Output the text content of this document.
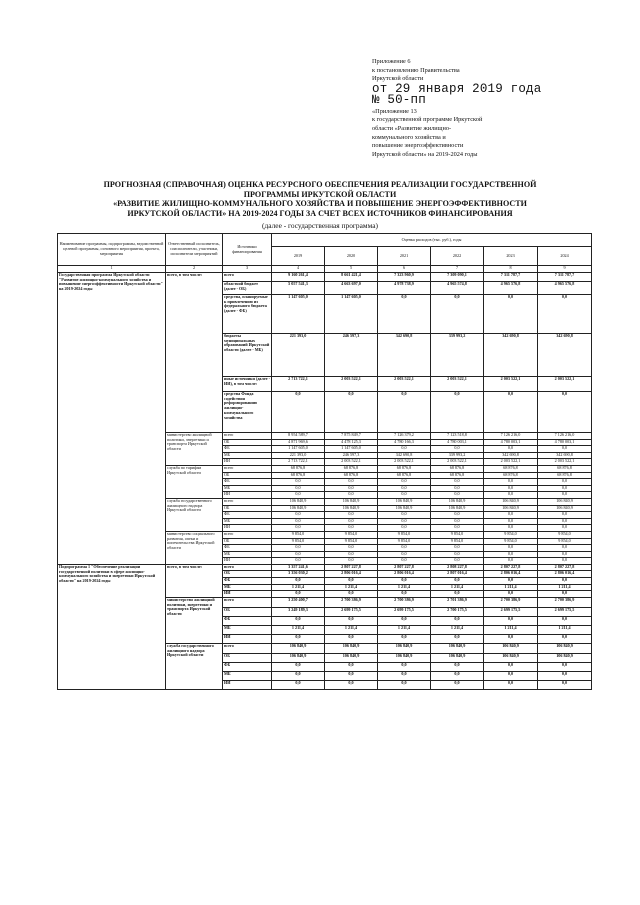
Приложение 6
к постановлению Правительства
Иркутской области
от 29 января 2019 года
№ 50-пп
«Приложение 13
к государственной программе Иркутской
области «Развитие жилищно-
коммунального хозяйства и
повышение энергоэффективности
Иркутской области» на 2019-2024 годы
ПРОГНОЗНАЯ (СПРАВОЧНАЯ) ОЦЕНКА РЕСУРСНОГО ОБЕСПЕЧЕНИЯ РЕАЛИЗАЦИИ ГОСУДАРСТВЕННОЙ
ПРОГРАММЫ ИРКУТСКОЙ ОБЛАСТИ
«РАЗВИТИЕ ЖИЛИЩНО-КОММУНАЛЬНОГО ХОЗЯЙСТВА И ПОВЫШЕНИЕ ЭНЕРГОЭФФЕКТИВНОСТИ
ИРКУТСКОЙ ОБЛАСТИ» НА 2019-2024 ГОДЫ ЗА СЧЕТ ВСЕХ ИСТОЧНИКОВ ФИНАНСИРОВАНИЯ
(далее - государственная программа)
Наименование программы, подпрограммы, ведомственной целевой программы, основного мероприятия, проекта, мероприятия	Ответственный исполнитель, соисполнители, участники, исполнители мероприятий	Источники финансирования	Оценка расходов (тыс. руб.), годы					
			2019	2020	2021	2022	2023	2024
1	2	3	4	5	6	7	8	9
Государственная программа Иркутской области "Развитие жилищно-коммунального хозяйства и повышение энергоэффективности Иркутской области" на 2019-2024 годы	всего, в том числе:	всего	9 160 261,4	8 661 421,4	7 323 960,9	7 309 090,1	7 311 787,7	7 311 787,7
		областной бюджет (далее - ОБ)	5 057 541,3	4 663 697,0	4 978 738,9	4 965 574,8	4 965 576,8	4 965 576,8
		средства, планируемые к привлечению из федерального бюджета (далее - ФБ)	1 147 605,0	1 147 605,0	0,0	0,0	0,0	0,0
		бюджеты муниципальных образований Иркутской области (далее - МБ)	221 393,0	246 597,3	342 690,8	339 993,2	342 690,8	342 690,8
		иные источники (далее - ИИ), в том числе:	2 713 722,1	2 003 522,1	2 003 522,1	2 003 522,1	2 003 522,1	2 003 522,1
		средства Фонда содействия реформированию жилищно-коммунального хозяйства	0,0	0,0	0,0	0,0	0,0	0,0
	министерство жилищной политики, энергетики и транспорта Иркутской области	всего	8 954 589,7	7 875 849,7	7 126 379,2	7 123 518,8	7 126 216,0	7 126 216,0
		ОБ	4 871 969,6	4 478 125,3	4 780 166,3	4 780 003,1	4 780 003,1	4 780 003,1
		ФБ	1 147 605,0	1 147 605,0	0,0	0,0	0,0	0,0
		МБ	221 393,0	246 597,3	342 690,8	339 993,2	342 690,8	342 690,8
		ИИ	2 713 722,1	2 003 522,1	2 003 522,1	2 003 522,1	2 003 522,1	2 003 522,1
	служба по тарифам Иркутской области	всего	68 876,8	68 876,8	68 876,8	68 876,8	68 876,8	68 876,8
		ОБ	68 876,8	68 876,8	68 876,8	68 876,8	68 876,8	68 876,8
		ФБ	0,0	0,0	0,0	0,0	0,0	0,0
		МБ	0,0	0,0	0,0	0,0	0,0	0,0
		ИИ	0,0	0,0	0,0	0,0	0,0	0,0
	служба государственного жилищного надзора Иркутской области	всего	106 840,9	106 840,9	106 840,9	106 840,9	106 840,9	106 840,9
		ОБ	106 840,9	106 840,9	106 840,9	106 840,9	106 840,9	106 840,9
		ФБ	0,0	0,0	0,0	0,0	0,0	0,0
		МБ	0,0	0,0	0,0	0,0	0,0	0,0
		ИИ	0,0	0,0	0,0	0,0	0,0	0,0
	министерство социального развития, опеки и попечительства Иркутской области	всего	9 854,0	9 854,0	9 854,0	9 854,0	9 854,0	9 854,0
		ОБ	9 854,0	9 854,0	9 854,0	9 854,0	9 854,0	9 854,0
		ФБ	0,0	0,0	0,0	0,0	0,0	0,0
		МБ	0,0	0,0	0,0	0,0	0,0	0,0
		ИИ	0,0	0,0	0,0	0,0	0,0	0,0
Подпрограмма 1 "Обеспечение реализации государственной политики в сфере жилищно-коммунального хозяйства и энергетики Иркутской области" на 2019-2024 годы	всего, в том числе:	всего	3 357 241,6	2 807 227,8	2 807 227,8	2 808 227,8	2 807 227,8	2 807 227,8
		ОБ	3 356 030,2	2 806 016,4	2 806 016,4	2 807 016,4	2 806 016,4	2 806 016,4
		ФБ	0,0	0,0	0,0	0,0	0,0	0,0
		МБ	1 211,4	1 211,4	1 211,4	1 211,4	1 211,4	1 211,4
		ИИ	0,0	0,0	0,0	0,0	0,0	0,0
	министерство жилищной политики, энергетики и транспорта Иркутской области	всего	3 250 400,7	2 700 386,9	2 700 386,9	2 701 386,9	2 700 386,9	2 700 386,9
		ОБ	3 249 189,3	2 699 175,5	2 699 175,5	2 700 175,5	2 699 175,5	2 699 175,5
		ФБ	0,0	0,0	0,0	0,0	0,0	0,0
		МБ	1 211,4	1 211,4	1 211,4	1 211,4	1 211,4	1 211,4
		ИИ	0,0	0,0	0,0	0,0	0,0	0,0
	служба государственного жилищного надзора Иркутской области	всего	106 840,9	106 840,9	106 840,9	106 840,9	106 840,9	106 840,9
		ОБ	106 840,9	106 840,9	106 840,9	106 840,9	106 840,9	106 840,9
		ФБ	0,0	0,0	0,0	0,0	0,0	0,0
		МБ	0,0	0,0	0,0	0,0	0,0	0,0
		ИИ	0,0	0,0	0,0	0,0	0,0	0,0
